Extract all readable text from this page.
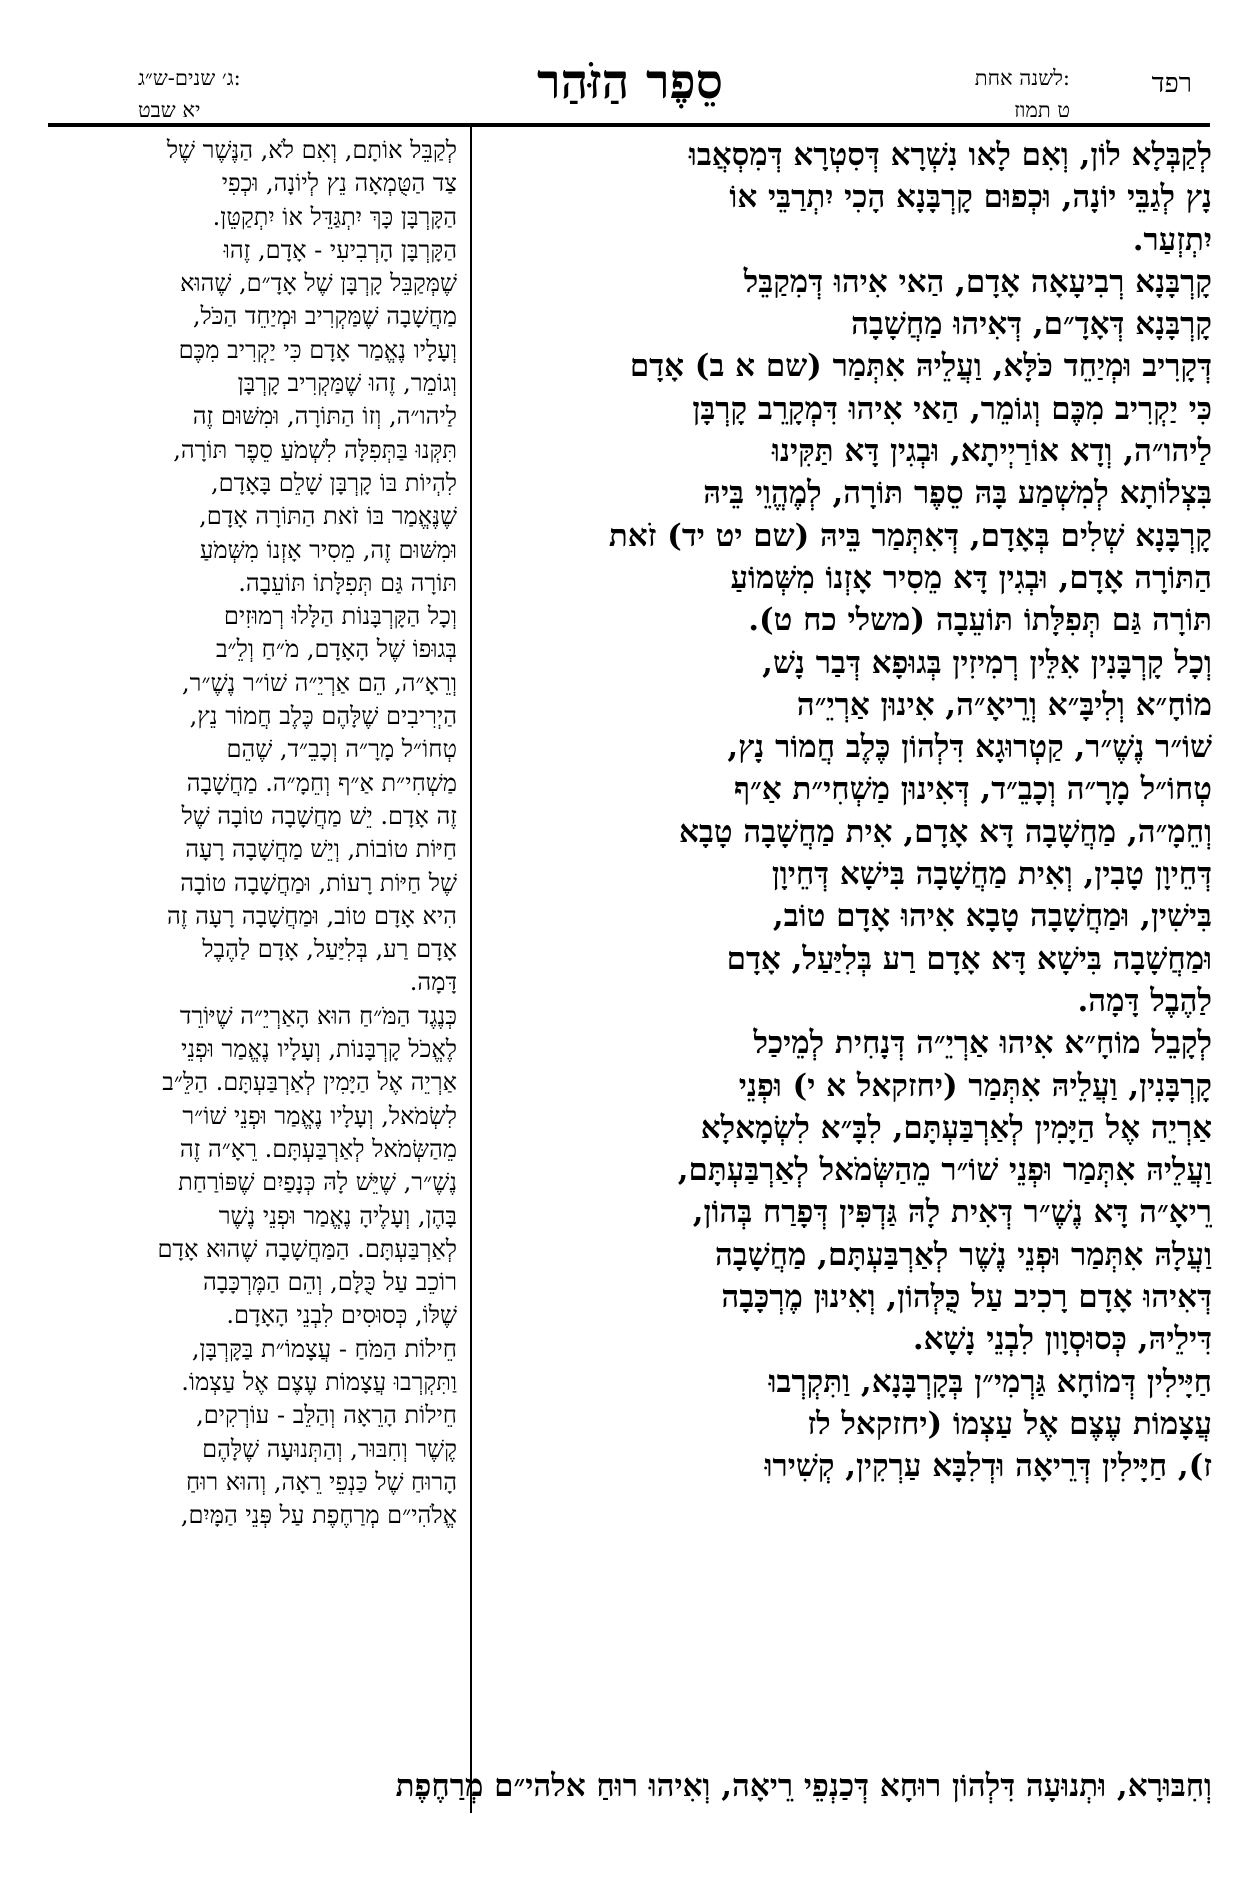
רפד
לשנה אחת:
ט תמוז
סֵפֶר הַזֹּהַר
ג׳ שנים-ש״ג:
יא שבט
לְקַבְּלָא לוֹן, וְאִם לָאו נִשְׁרָא דְּסִטְרָא דְּמִסְאֲבוּ
נָץ לְגַבֵּי יוֹנָה, וּכְפוּם קָרְבָּנָא הָכִי יִתְרַבֵּי אוֹ
יִתְזְעַר.
קָרְבָּנָא רְבִיעָאָה אָדָם, הַאי אִיהוּ דְּמִקַבֵּל
קָרְבָּנָא דְּאָדָ״ם, דְּאִיהוּ מַחֲשָׁבָה
דְּקָרִיב וּמְיַחֵד כֹּלָּא, וַעֲלֵיהּ אִתְּמַר (שם א ב) אָדָם
כִּי יַקְרִיב מִכֶּם וְגוֹמֵר, הַאי אִיהוּ דִּמְקָרֵב קָרְבָּן
לַיהו״ה, וְדָא אוֹרַיְיתָא, וּבְגִין דָּא תַּקִּינוּ
בִּצְלוֹתָא לְמִשְׁמַע בָּהּ סֵפֶר תּוֹרָה, לְמֶהֱוֵי בֵּיהּ
קָרְבָּנָא שְׁלִים בְּאָדָם, דְּאִתְּמַר בֵּיהּ (שם יט יד) זֹאת
הַתּוֹרָה אָדָם, וּבְגִין דָּא מֵסִיר אָזְנוֹ מִשְּׁמוֹעַ
תּוֹרָה גַּם תְּפִלָּתוֹ תּוֹעֵבָה (משלי כח ט).
וְכָל קָרְבָּנִין אִלֵּין רְמִיזִין בְּגוּפָא דְּבַר נָשׁ,
מוֹחָ״א וְלִיבָּ״א וְרֵיאָ״ה, אִינוּן אַרְיֵ״ה
שׁוֹ״ר נֶשֶׁ״ר, קַטְרוּגָא דִּלְהוֹן כֶּלֶב חֲמוֹר נָץ,
טְחוֹ״ל מָרָ״ה וְכָבֵ״ד, דְּאִינוּן מַשְׁחִי״ת אַ״ף
וְחֵמָ״ה, מַחֲשָׁבָה דָּא אָדָם, אִית מַחֲשָׁבָה טָבָא
דְּחֵיוָן טָבִין, וְאִית מַחֲשָׁבָה בִּישָׁא דְּחֵיוָן
בִּישִׁין, וּמַחֲשָׁבָה טָבָא אִיהוּ אָדָם טוֹב,
וּמַחֲשָׁבָה בִּישָׁא דָּא אָדָם רַע בְּלִיַּעַל, אָדָם
לַהֶבֶל דָּמָה.
לְקָבֵל מוֹחָ״א אִיהוּ אַרְיֵ״ה דְּנָחִית לְמֵיכַל
קָרְבָּנִין, וַעֲלֵיהּ אִתְּמַר (יחזקאל א י) וּפְנֵי
אַרְיֵה אֶל הַיָּמִין לְאַרְבַּעְתָּם, לִבָּ״א לִשְׂמָאלָא
וַעֲלֵיהּ אִתְּמַר וּפְנֵי שׁוֹ״ר מֵהַשְּׂמֹאל לְאַרְבַּעְתָּם,
רֵיאָ״ה דָּא נֶשֶׁ״ר דְּאִית לָהּ גַּדְפִּין דְּפָרַח בְּהוֹן,
וַעֲלָהּ אִתְּמַר וּפְנֵי נֶשֶׁר לְאַרְבַּעְתָּם, מַחֲשָׁבָה
דְּאִיהוּ אָדָם רָכִיב עַל כֻּלְּהוֹן, וְאִינוּן מֶרְכָּבָה
דִּילֵיהּ, כְּסוּסְוָון לִבְנֵי נָשָׁא.
חַיָּילִין דְּמוֹחָא גַּרְמִי״ן בְּקָרְבָּנָא, וַתִּקְרְבוּ
עֲצָמוֹת עֶצֶם אֶל עַצְמוֹ (יחזקאל לז
ז), חַיָּילִין דְּרֵיאָה וּדְלִבָּא עַרְקִין, קְשִׁירוּ
לְקַבֵּל אוֹתָם, וְאִם לֹא, הַנֶּשֶׁר שֶׁל
צַד הַטֻּמְאָה נֵץ לְיוֹנָה, וּכְפִי
הַקָּרְבָּן כָּךְ יִתְגַּדֵּל אוֹ יִתְקַטֵּן.
הַקָּרְבָּן הָרְבִיעִי - אָדָם, זֶהוּ
שֶׁמְּקַבֵּל קָרְבָּן שֶׁל אָדָ״ם, שֶׁהוּא
מַחֲשָׁבָה שֶׁמַּקְרִיב וּמְיַחֵד הַכֹּל,
וְעָלָיו נֶאֱמַר אָדָם כִּי יַקְרִיב מִכֶּם
וְגוֹמֵר, זֶהוּ שֶׁמַּקְרִיב קָרְבָּן
לַיהו״ה, וְזוֹ הַתּוֹרָה, וּמִשּׁוּם זֶה
תִּקְּנוּ בַּתְּפִלָּה לִשְׁמֹעַ סֵפֶר תּוֹרָה,
לִהְיוֹת בּוֹ קָרְבָּן שָׁלֵם בָּאָדָם,
שֶׁנֶּאֱמַר בּוֹ זֹאת הַתּוֹרָה אָדָם,
וּמִשּׁוּם זֶה, מֵסִיר אָזְנוֹ מִשְּׁמֹעַ
תּוֹרָה גַּם תְּפִלָּתוֹ תּוֹעֵבָה.
וְכָל הַקָּרְבָּנוֹת הַלָּלוּ רְמוּזִים
בְּגוּפוֹ שֶׁל הָאָדָם, מֹ״חַ וְלֵ״ב
וְרֵאָ״ה, הֵם אַרְיֵ״ה שׁוֹ״ר נֶשֶׁ״ר,
הַיְרִיבִים שֶׁלָּהֶם כֶּלֶב חֲמוֹר נֵץ,
טְחוֹ״ל מָרָ״ה וְכָבֵ״ד, שֶׁהֵם
מַשְׁחִי״ת אַ״ף וְחֵמָ״ה. מַחֲשָׁבָה
זֶה אָדָם. יֵשׁ מַחֲשָׁבָה טוֹבָה שֶׁל
חַיּוֹת טוֹבוֹת, וְיֵשׁ מַחֲשָׁבָה רָעָה
שֶׁל חַיּוֹת רָעוֹת, וּמַחֲשָׁבָה טוֹבָה
הִיא אָדָם טוֹב, וּמַחֲשָׁבָה רָעָה זֶה
אָדָם רַע, בְּלִיַּעַל, אָדָם לַהֶבֶל
דָּמָה.
כְּנֶגֶד הַמֹּ״חַ הוּא הָאַרְיֵ״ה שֶׁיּוֹרֵד
לֶאֱכֹל קָרְבָּנוֹת, וְעָלָיו נֶאֱמַר וּפְנֵי
אַרְיֵה אֶל הַיָּמִין לְאַרְבַּעְתָּם. הַלֵּ״ב
לִשְׂמֹאל, וְעָלָיו נֶאֱמַר וּפְנֵי שׁוֹ״ר
מֵהַשְּׂמֹאל לְאַרְבַּעְתָּם. רֵאָ״ה זֶה
נֶשֶׁ״ר, שֶׁיֵּשׁ לָהּ כְּנָפַיִם שֶׁפּוֹרַחַת
בָּהֶן, וְעָלֶיהָ נֶאֱמַר וּפְנֵי נֶשֶׁר
לְאַרְבַּעְתָּם. הַמַּחֲשָׁבָה שֶׁהוּא אָדָם
רוֹכֵב עַל כֻּלָּם, וְהֵם הַמֶּרְכָּבָה
שֶׁלּוֹ, כְּסוּסִים לִבְנֵי הָאָדָם.
חֵילוֹת הַמֹּחַ - עֲצָמוֹ״ת בַּקָּרְבָּן,
וַתִּקְרְבוּ עֲצָמוֹת עֶצֶם אֶל עַצְמוֹ.
חֵילוֹת הָרֵאָה וְהַלֵּב - עוֹרְקִים,
קֶשֶׁר וְחִבּוּר, וְהַתְּנוּעָה שֶׁלָּהֶם
הָרוּחַ שֶׁל כַּנְפֵי רֵאָה, וְהוּא רוּחַ
אֱלֹהִי״ם מְרַחֶפֶת עַל פְּנֵי הַמָּיִם,
וְחִבּוּרָא, וּתְנוּעָה דִּלְהוֹן רוּחָא דְּכַנְפֵי רֵיאָה, וְאִיהוּ רוּחַ אלהי״ם מְרַחֶפֶת
